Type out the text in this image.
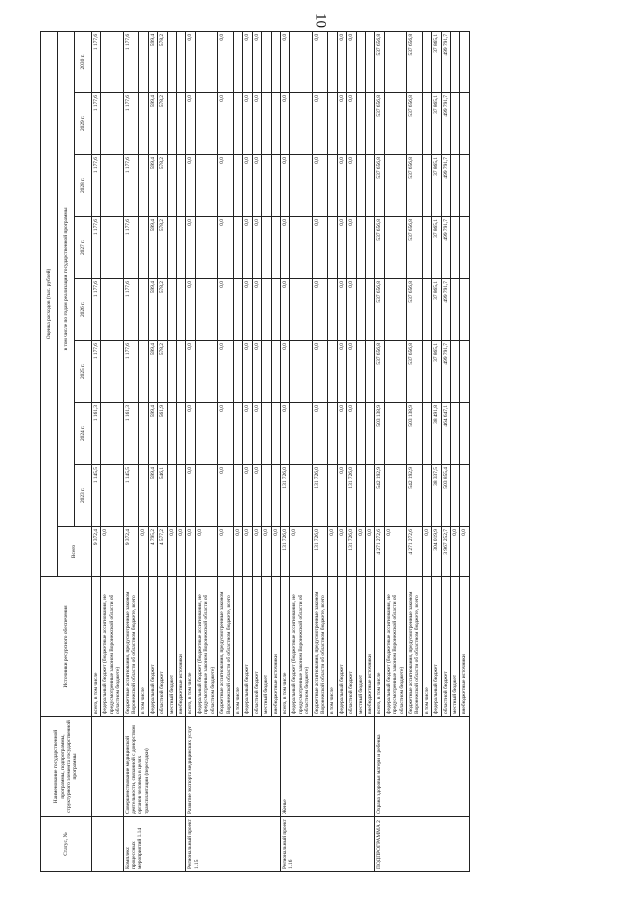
10
Статус, №	Наименование государственной программы, подпрограммы, структурного элемента государственной программы	Источники ресурсного обеспечения	Оценка расходов (тыс. рублей)								
			Всего	в том числе по годам реализации государственной программы							
				2023 г.	2024 г.	2025 г.	2026 г.	2027 г.	2028 г.	2029 г.	2030 г.
		всего, в том числе	9 372,4	1 145,5	1 161,3	1 177,6	1 177,6	1 177,6	1 177,6	1 177,6	1 177,6
		федеральный бюджет (бюджетные ассигнования, не предусмотренные законом Воронежской области об областном бюджете)	0,0								
Комплекс процессных мероприятий 1.14	Совершенствование медицинской деятельности, связанной с донорством органов человека в целях трансплантации (пересадки)	бюджетные ассигнования, предусмотренные законом Воронежской области об областном бюджете, всего	9 372,4	1 145,5	1 161,3	1 177,6	1 177,6	1 177,6	1 177,6	1 177,6	1 177,6
		в том числе	0,0								
		федеральный бюджет	4 795,2	599,4	599,4	599,4	599,4	599,4	599,4	599,4	599,4
		областной бюджет	4 577,2	546,1	561,9	578,2	578,2	578,2	578,2	578,2	578,2
		местный бюджет	0,0								
		внебюджетные источники	0,0								
Региональный проект 1.15	Развитие экспорта медицинских услуг	всего, в том числе	0,0	0,0	0,0	0,0	0,0	0,0	0,0	0,0	0,0
		федеральный бюджет (бюджетные ассигнования, не предусмотренные законом Воронежской области об областном бюджете)	0,0								
		бюджетные ассигнования, предусмотренные законом Воронежской области об областном бюджете, всего	0,0	0,0	0,0	0,0	0,0	0,0	0,0	0,0	0,0
		в том числе	0,0								
		федеральный бюджет	0,0	0,0	0,0	0,0	0,0	0,0	0,0	0,0	0,0
		областной бюджет	0,0	0,0	0,0	0,0	0,0	0,0	0,0	0,0	0,0
		местный бюджет	0,0								
		внебюджетные источники	0,0								
Региональный проект 1.16	Женье	всего, в том числе	131 726,0	131 726,0	0,0	0,0	0,0	0,0	0,0	0,0	0,0
		федеральный бюджет (бюджетные ассигнования, не предусмотренные законом Воронежской области об областном бюджете)	0,0								
		бюджетные ассигнования, предусмотренные законом Воронежской области об областном бюджете, всего	131 726,0	131 726,0	0,0	0,0	0,0	0,0	0,0	0,0	0,0
		в том числе	0,0								
		федеральный бюджет	0,0	0,0	0,0	0,0	0,0	0,0	0,0	0,0	0,0
		областной бюджет	131 726,0	131 726,0	0,0	0,0	0,0	0,0	0,0	0,0	0,0
		местный бюджет	0,0								
		внебюджетные источники	0,0								
ПОДПРОГРАММА 2	Охрана здоровья матери и ребенка	всего, в том числе	4 271 272,6	542 192,9	503 138,9	537 656,8	537 656,8	537 656,8	537 656,8	537 656,8	537 656,8
		федеральный бюджет (бюджетные ассигнования, не предусмотренные законом Воронежской области об областном бюджете)	0,0								
		бюджетные ассигнования, предусмотренные законом Воронежской области об областном бюджете, всего	4 271 272,6	542 192,9	503 138,9	537 656,8	537 656,8	537 656,8	537 656,8	537 656,8	537 656,8
		в том числе	0,0								
		федеральный бюджет	304 019,9	38 337,5	38 491,8	37 865,1	37 865,1	37 865,1	37 865,1	37 865,1	37 865,1
		областной бюджет	3 967 252,7	503 855,4	464 647,1	499 791,7	499 791,7	499 791,7	499 791,7	499 791,7	499 791,7
		местный бюджет	0,0								
		внебюджетные источники	0,0								
